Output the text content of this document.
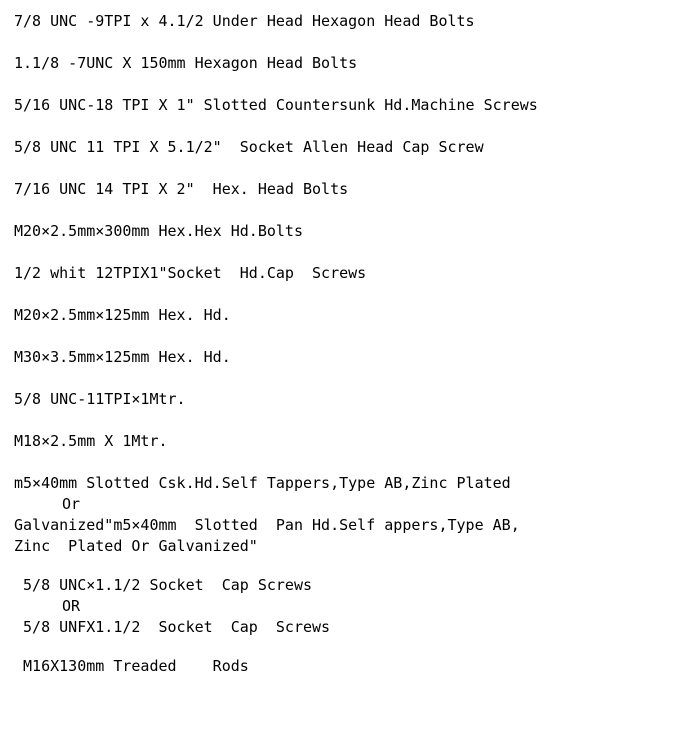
7/8 UNC -9TPI x 4.1/2 Under Head Hexagon Head Bolts
1.1/8 -7UNC X 150mm Hexagon Head Bolts
5/16 UNC-18 TPI X 1" Slotted Countersunk Hd.Machine Screws
5/8 UNC 11 TPI X 5.1/2"  Socket Allen Head Cap Screw
7/16 UNC 14 TPI X 2"  Hex. Head Bolts
M20×2.5mm×300mm Hex.Hex Hd.Bolts
1/2 whit 12TPIX1"Socket  Hd.Cap  Screws
M20×2.5mm×125mm Hex. Hd.
M30×3.5mm×125mm Hex. Hd.
5/8 UNC-11TPI×1Mtr.
M18×2.5mm X 1Mtr.
m5×40mm Slotted Csk.Hd.Self Tappers,Type AB,Zinc Plated
Or
Galvanized"m5×40mm  Slotted  Pan Hd.Self appers,Type AB,
Zinc  Plated Or Galvanized"
5/8 UNC×1.1/2 Socket  Cap Screws
OR
5/8 UNFX1.1/2  Socket  Cap  Screws
M16X130mm Treaded    Rods
